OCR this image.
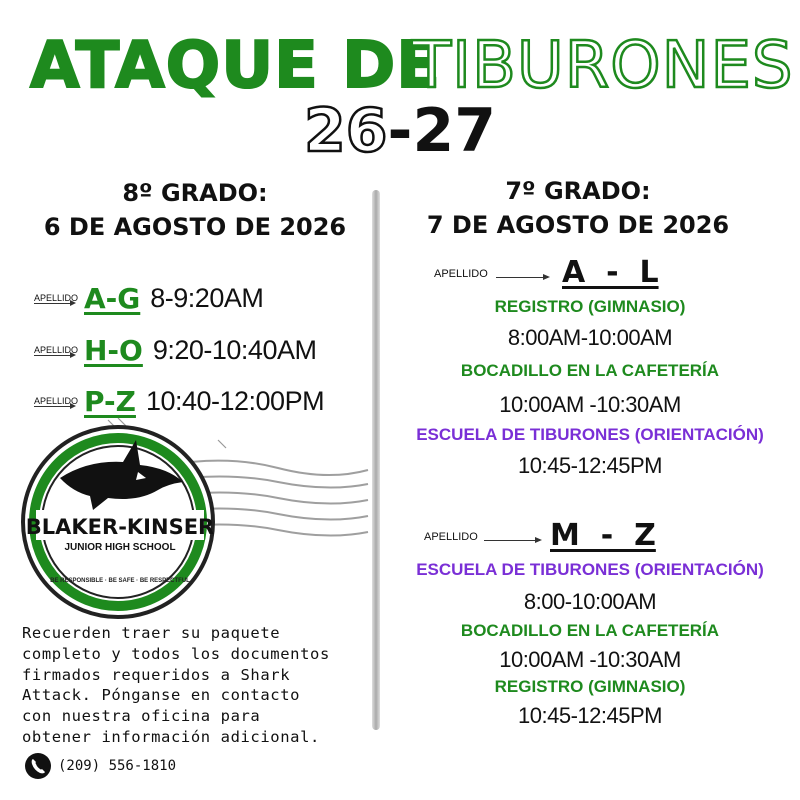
ATAQUE DE
TIBURONES
26-27
8º GRADO:
6 DE AGOSTO DE 2026
APELLIDO A-G 8-9:20AM
APELLIDO H-O 9:20-10:40AM
APELLIDO P-Z 10:40-12:00PM
BLAKER-KINSER
JUNIOR HIGH SCHOOL
BE RESPONSIBLE · BE SAFE · BE RESPECTFUL
Recuerden traer su paquete
completo y todos los documentos
firmados requeridos a Shark
Attack. Pónganse en contacto
con nuestra oficina para
obtener información adicional.
(209) 556-1810
7º GRADO:
7 DE AGOSTO DE 2026
APELLIDO A  -  L
REGISTRO (GIMNASIO)
8:00AM-10:00AM
BOCADILLO EN LA CAFETERÍA
10:00AM -10:30AM
ESCUELA DE TIBURONES (ORIENTACIÓN)
10:45-12:45PM
APELLIDO M  -  Z
ESCUELA DE TIBURONES (ORIENTACIÓN)
8:00-10:00AM
BOCADILLO EN LA CAFETERÍA
10:00AM -10:30AM
REGISTRO (GIMNASIO)
10:45-12:45PM
